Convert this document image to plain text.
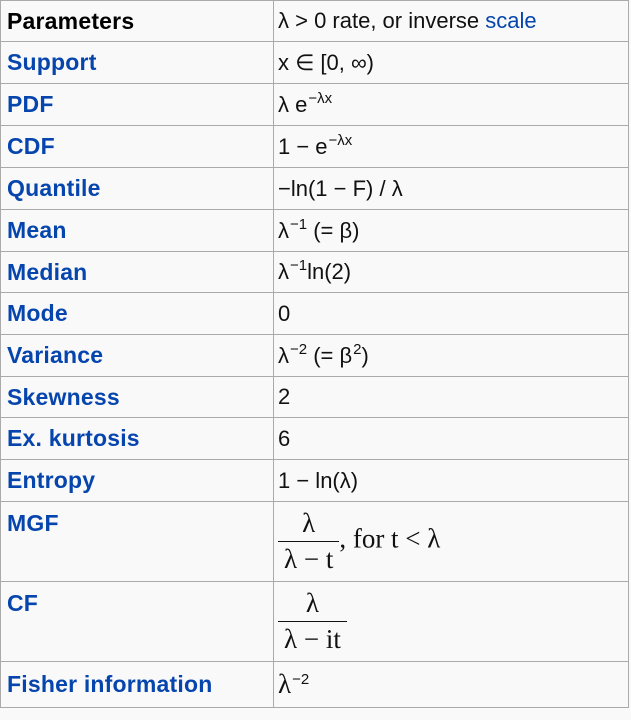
Parameters	λ > 0 rate, or inverse scale
Support	x ∈ [0, ∞)
PDF	λ $e^{-\lambda x}$
CDF	$1 - e^{-\lambda x}$
Quantile	−ln(1 − F) / λ
Mean	$\lambda^{-1}$ (= β)
Median	$\lambda^{-1}\ln(2)$
Mode	0
Variance	$\lambda^{-2}$ (= $\beta^2$)
Skewness	2
Ex. kurtosis	6
Entropy	1 − ln(λ)
MGF	$\frac{\lambda}{\lambda - t}$ , for t < λ
CF	$\frac{\lambda}{\lambda - it}$

Fisher information	$\lambda^{-2}$
